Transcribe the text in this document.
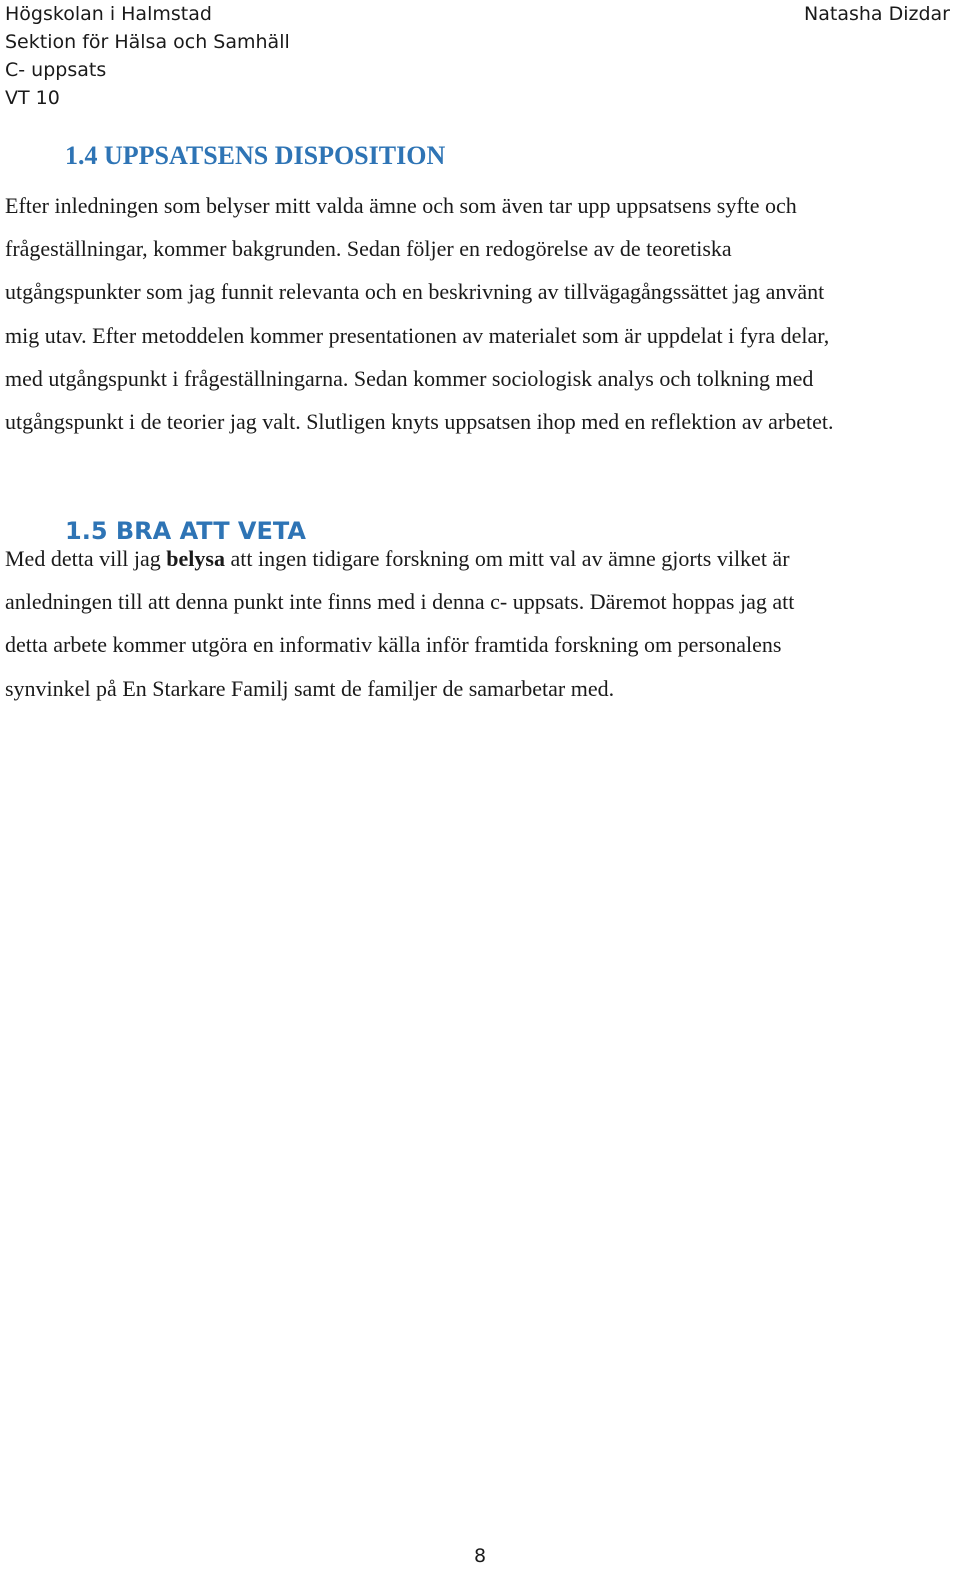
Högskolan i Halmstad
Sektion för Hälsa och Samhäll
C- uppsats
VT 10
Natasha Dizdar
1.4 UPPSATSENS DISPOSITION
Efter inledningen som belyser mitt valda ämne och som även tar upp uppsatsens syfte och
frågeställningar, kommer bakgrunden. Sedan följer en redogörelse av de teoretiska
utgångspunkter som jag funnit relevanta och en beskrivning av tillvägagångssättet jag använt
mig utav. Efter metoddelen kommer presentationen av materialet som är uppdelat i fyra delar,
med utgångspunkt i frågeställningarna. Sedan kommer sociologisk analys och tolkning med
utgångspunkt i de teorier jag valt. Slutligen knyts uppsatsen ihop med en reflektion av arbetet.
1.5 BRA ATT VETA
Med detta vill jag belysa att ingen tidigare forskning om mitt val av ämne gjorts vilket är
anledningen till att denna punkt inte finns med i denna c- uppsats. Däremot hoppas jag att
detta arbete kommer utgöra en informativ källa inför framtida forskning om personalens
synvinkel på En Starkare Familj samt de familjer de samarbetar med.
8
